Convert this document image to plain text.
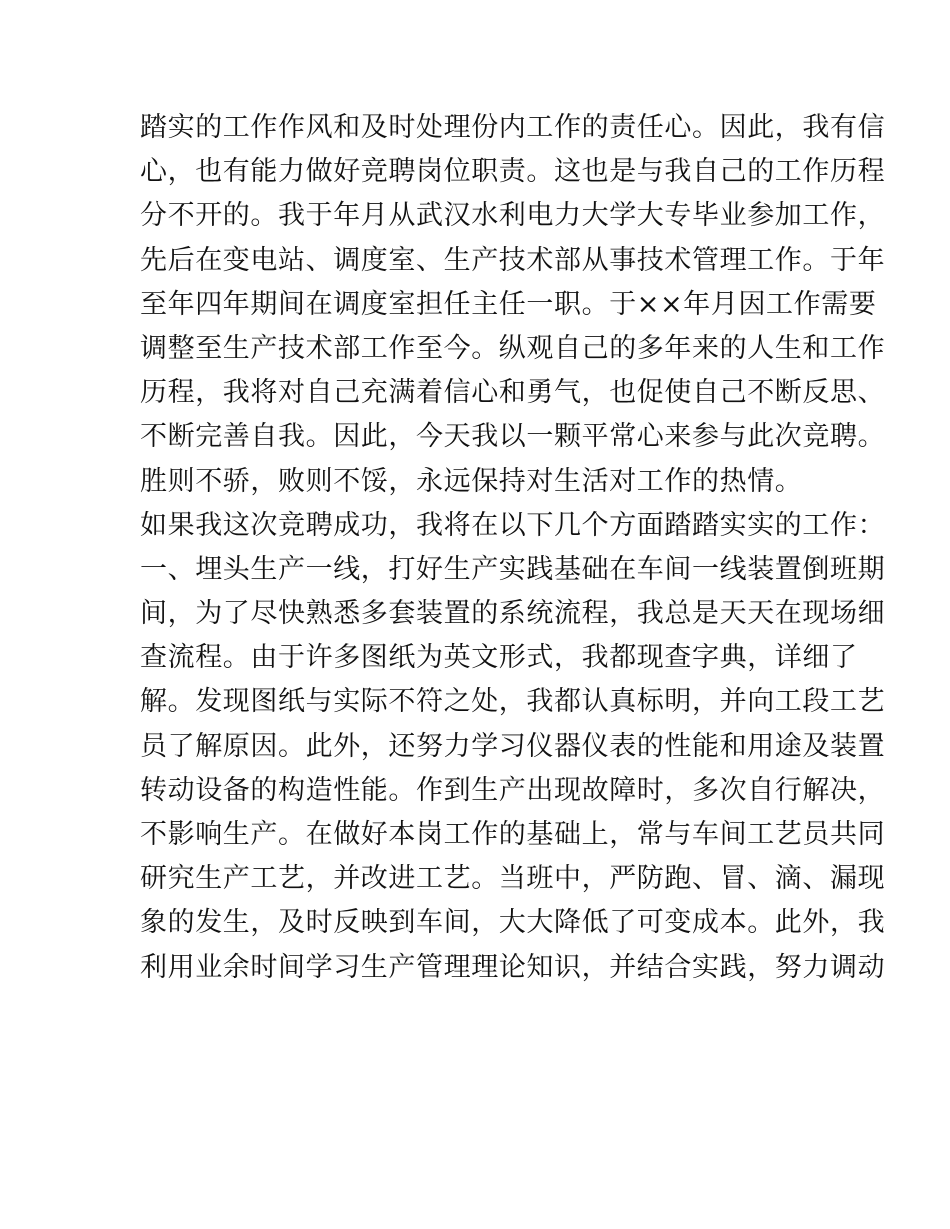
踏实的工作作风和及时处理份内工作的责任心。因此，我有信
心，也有能力做好竞聘岗位职责。这也是与我自己的工作历程
分不开的。我于年月从武汉水利电力大学大专毕业参加工作，
先后在变电站、调度室、生产技术部从事技术管理工作。于年
至年四年期间在调度室担任主任一职。于××年月因工作需要
调整至生产技术部工作至今。纵观自己的多年来的人生和工作
历程，我将对自己充满着信心和勇气，也促使自己不断反思、
不断完善自我。因此，今天我以一颗平常心来参与此次竞聘。
胜则不骄，败则不馁，永远保持对生活对工作的热情。
如果我这次竞聘成功，我将在以下几个方面踏踏实实的工作：
一、埋头生产一线，打好生产实践基础在车间一线装置倒班期
间，为了尽快熟悉多套装置的系统流程，我总是天天在现场细
查流程。由于许多图纸为英文形式，我都现查字典，详细了
解。发现图纸与实际不符之处，我都认真标明，并向工段工艺
员了解原因。此外，还努力学习仪器仪表的性能和用途及装置
转动设备的构造性能。作到生产出现故障时，多次自行解决，
不影响生产。在做好本岗工作的基础上，常与车间工艺员共同
研究生产工艺，并改进工艺。当班中，严防跑、冒、滴、漏现
象的发生，及时反映到车间，大大降低了可变成本。此外，我
利用业余时间学习生产管理理论知识，并结合实践，努力调动
